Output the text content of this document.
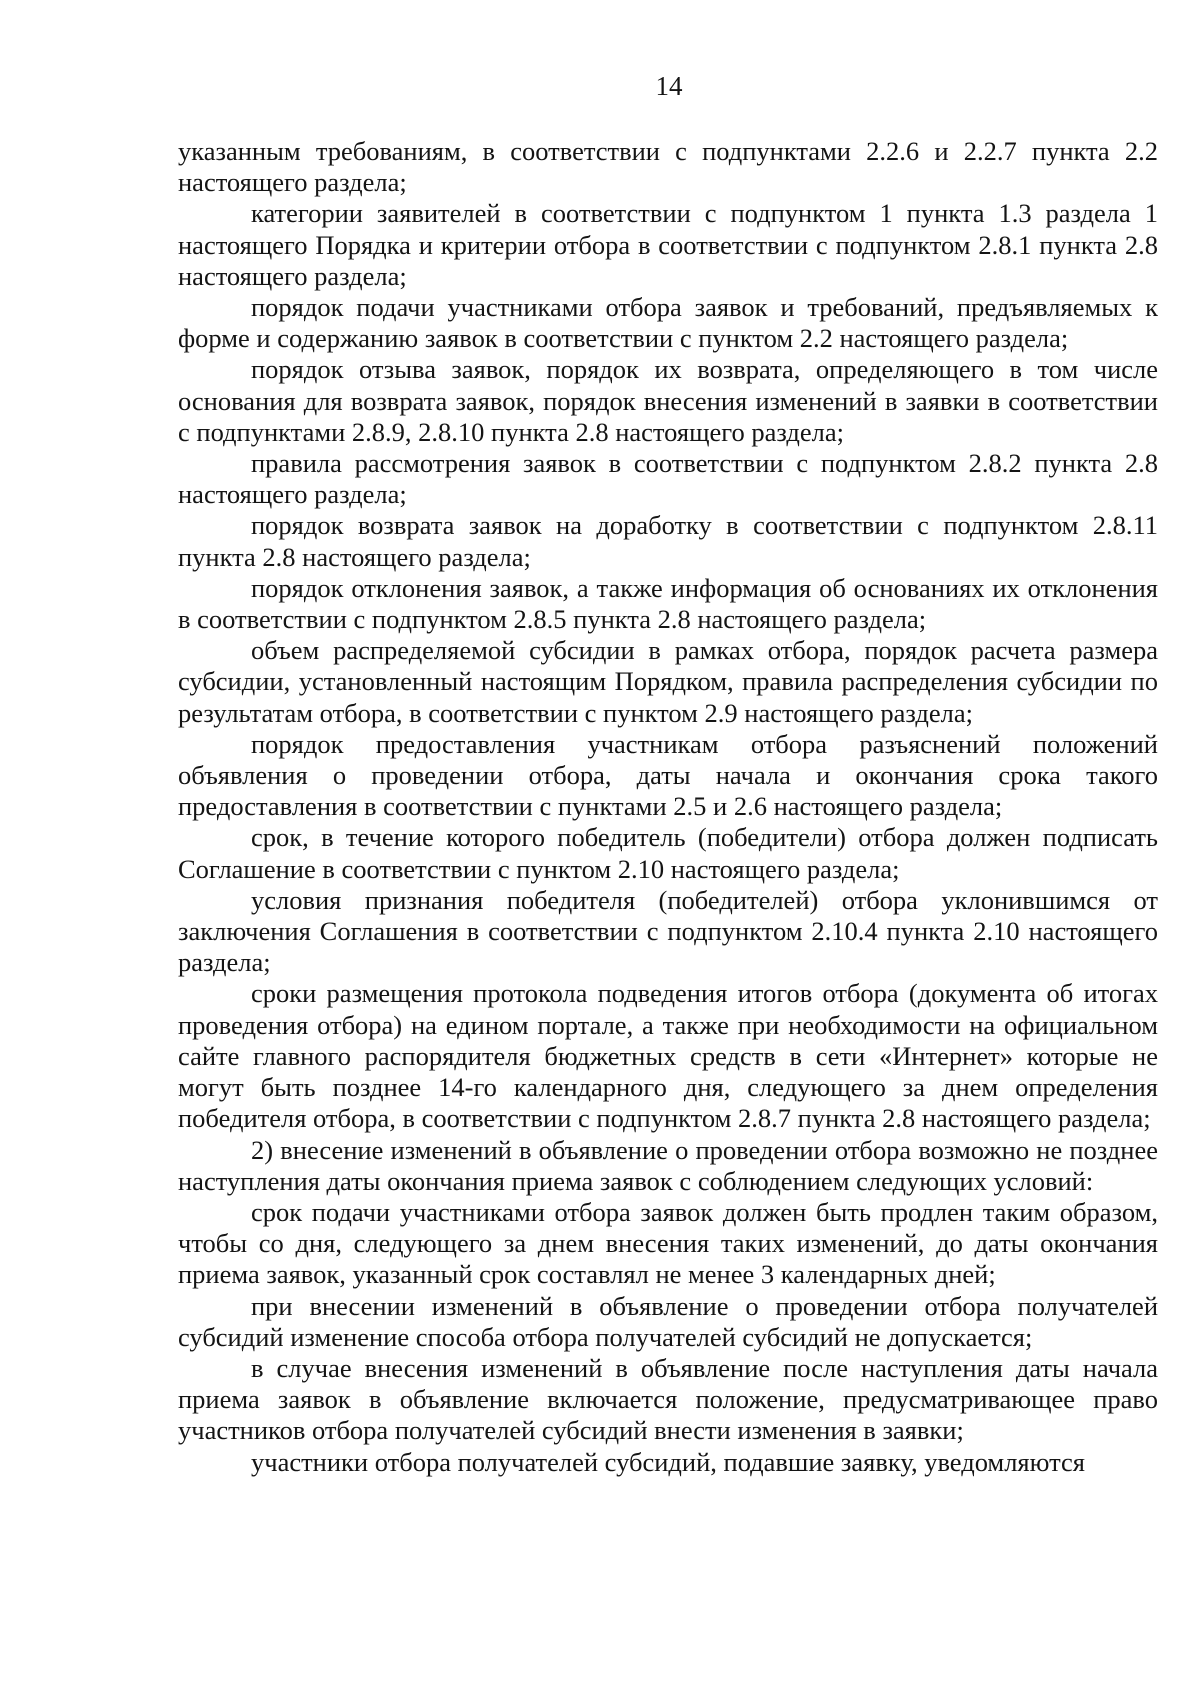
14

указанным требованиям, в соответствии с подпунктами 2.2.6 и 2.2.7 пункта 2.2 настоящего раздела;

категории заявителей в соответствии с подпунктом 1 пункта 1.3 раздела 1 настоящего Порядка и критерии отбора в соответствии с подпунктом 2.8.1 пункта 2.8 настоящего раздела;

порядок подачи участниками отбора заявок и требований, предъявляемых к форме и содержанию заявок в соответствии с пунктом 2.2 настоящего раздела;

порядок отзыва заявок, порядок их возврата, определяющего в том числе основания для возврата заявок, порядок внесения изменений в заявки в соответствии с подпунктами 2.8.9, 2.8.10 пункта 2.8 настоящего раздела;

правила рассмотрения заявок в соответствии с подпунктом 2.8.2 пункта 2.8 настоящего раздела;

порядок возврата заявок на доработку в соответствии с подпунктом 2.8.11 пункта 2.8 настоящего раздела;

порядок отклонения заявок, а также информация об основаниях их отклонения в соответствии с подпунктом 2.8.5 пункта 2.8 настоящего раздела;

объем распределяемой субсидии в рамках отбора, порядок расчета размера субсидии, установленный настоящим Порядком, правила распределения субсидии по результатам отбора, в соответствии с пунктом 2.9 настоящего раздела;

порядок предоставления участникам отбора разъяснений положений объявления о проведении отбора, даты начала и окончания срока такого предоставления в соответствии с пунктами 2.5 и 2.6 настоящего раздела;

срок, в течение которого победитель (победители) отбора должен подписать Соглашение в соответствии с пунктом 2.10 настоящего раздела;

условия признания победителя (победителей) отбора уклонившимся от заключения Соглашения в соответствии с подпунктом 2.10.4 пункта 2.10 настоящего раздела;

сроки размещения протокола подведения итогов отбора (документа об итогах проведения отбора) на едином портале, а также при необходимости на официальном сайте главного распорядителя бюджетных средств в сети «Интернет» которые не могут быть позднее 14-го календарного дня, следующего за днем определения победителя отбора, в соответствии с подпунктом 2.8.7 пункта 2.8 настоящего раздела;

2) внесение изменений в объявление о проведении отбора возможно не позднее наступления даты окончания приема заявок с соблюдением следующих условий:

срок подачи участниками отбора заявок должен быть продлен таким образом, чтобы со дня, следующего за днем внесения таких изменений, до даты окончания приема заявок, указанный срок составлял не менее 3 календарных дней;

при внесении изменений в объявление о проведении отбора получателей субсидий изменение способа отбора получателей субсидий не допускается;

в случае внесения изменений в объявление после наступления даты начала приема заявок в объявление включается положение, предусматривающее право участников отбора получателей субсидий внести изменения в заявки;

участники отбора получателей субсидий, подавшие заявку, уведомляются
